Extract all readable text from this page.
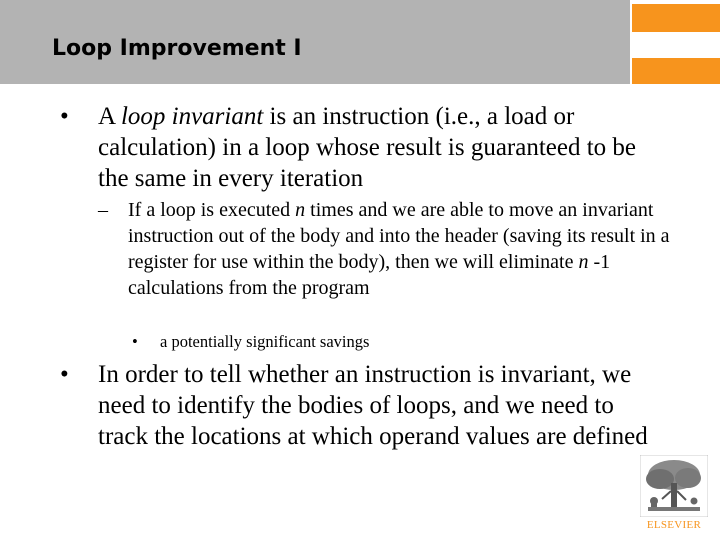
Loop Improvement I
•	A loop invariant is an instruction (i.e., a load or calculation) in a loop whose result is guaranteed to be the same in every iteration
–	If a loop is executed n times and we are able to move an invariant instruction out of the body and into the header (saving its result in a register for use within the body), then we will eliminate n -1 calculations from the program
•	a potentially significant savings
•	In order to tell whether an instruction is invariant, we need to identify the bodies of loops, and we need to track the locations at which operand values are defined
ELSEVIER
